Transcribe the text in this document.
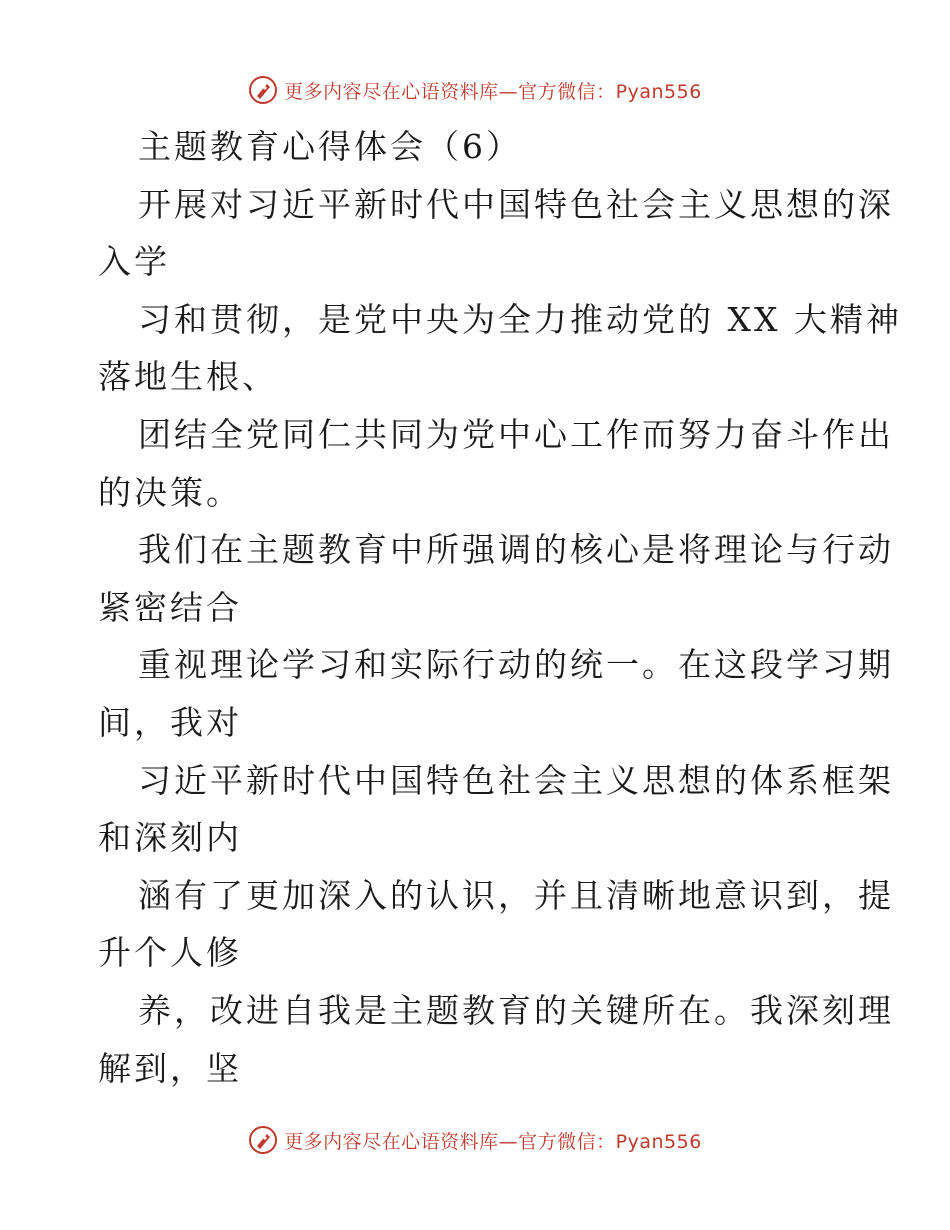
更多内容尽在心语资料库—官方微信：Pyan556
主题教育心得体会（6）
开展对习近平新时代中国特色社会主义思想的深
入学
习和贯彻，是党中央为全力推动党的 XX 大精神
落地生根、
团结全党同仁共同为党中心工作而努力奋斗作出
的决策。
我们在主题教育中所强调的核心是将理论与行动
紧密结合
重视理论学习和实际行动的统一。在这段学习期
间，我对
习近平新时代中国特色社会主义思想的体系框架
和深刻内
涵有了更加深入的认识，并且清晰地意识到，提
升个人修
养，改进自我是主题教育的关键所在。我深刻理
解到，坚
更多内容尽在心语资料库—官方微信：Pyan556
